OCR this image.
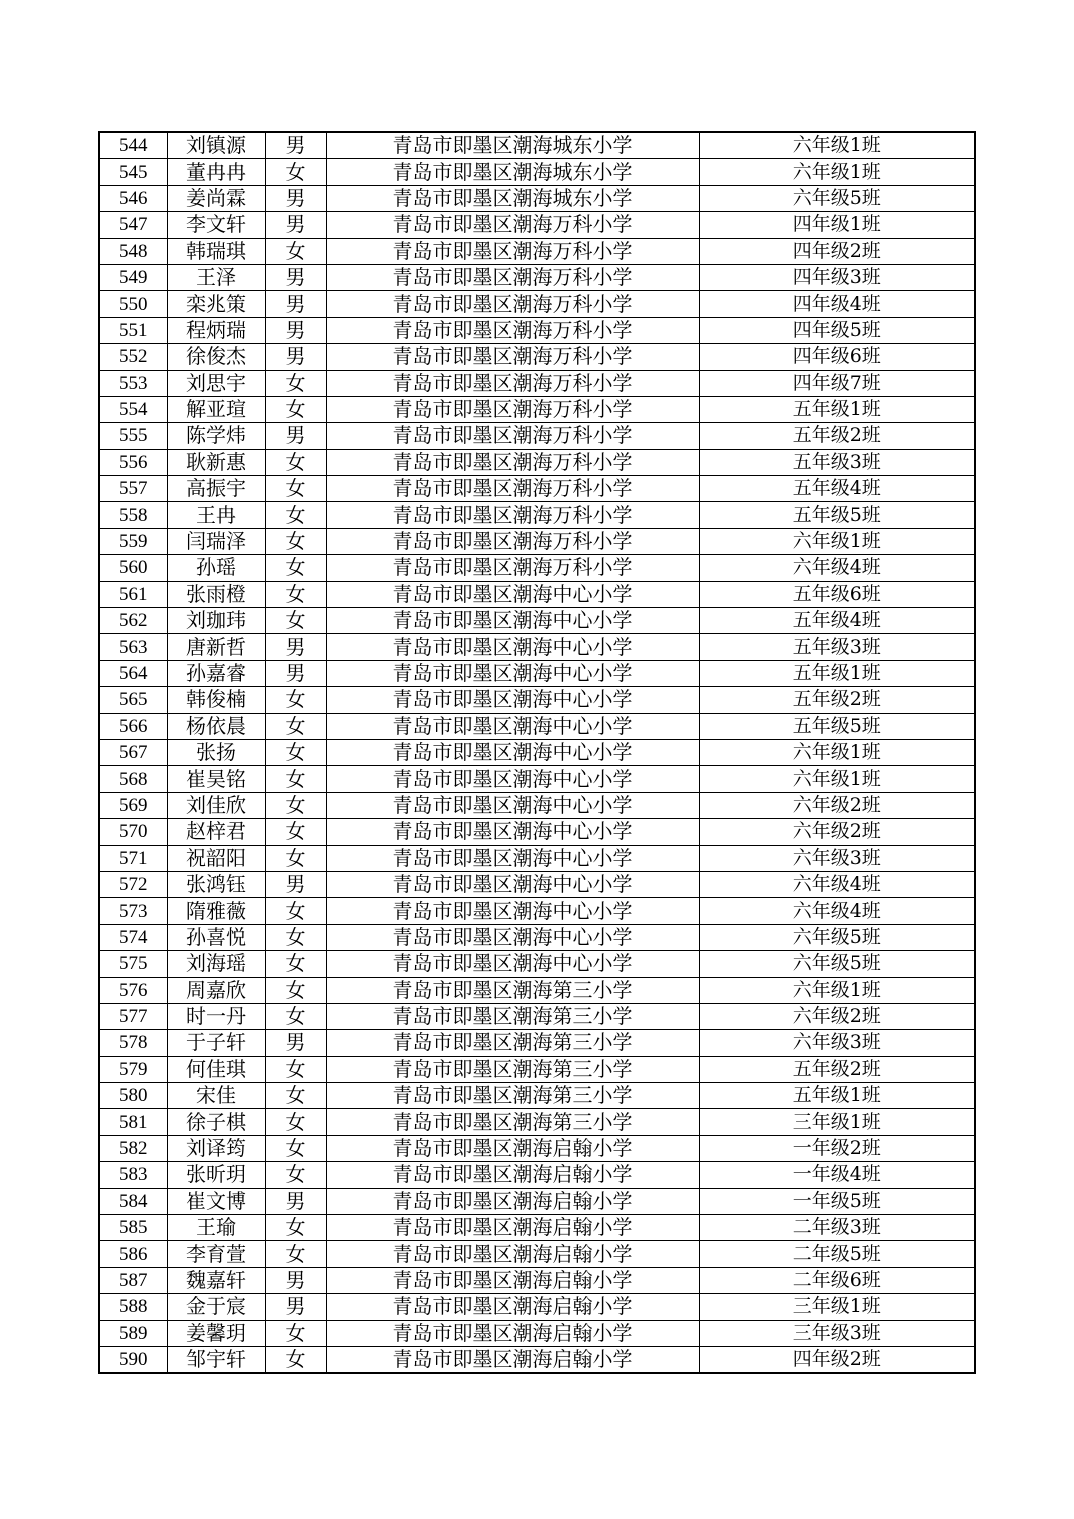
544	刘镇源	男	青岛市即墨区潮海城东小学	六年级1班
545	董冉冉	女	青岛市即墨区潮海城东小学	六年级1班
546	姜尚霖	男	青岛市即墨区潮海城东小学	六年级5班
547	李文轩	男	青岛市即墨区潮海万科小学	四年级1班
548	韩瑞琪	女	青岛市即墨区潮海万科小学	四年级2班
549	王泽	男	青岛市即墨区潮海万科小学	四年级3班
550	栾兆策	男	青岛市即墨区潮海万科小学	四年级4班
551	程炳瑞	男	青岛市即墨区潮海万科小学	四年级5班
552	徐俊杰	男	青岛市即墨区潮海万科小学	四年级6班
553	刘思宇	女	青岛市即墨区潮海万科小学	四年级7班
554	解亚瑄	女	青岛市即墨区潮海万科小学	五年级1班
555	陈学炜	男	青岛市即墨区潮海万科小学	五年级2班
556	耿新惠	女	青岛市即墨区潮海万科小学	五年级3班
557	高振宇	女	青岛市即墨区潮海万科小学	五年级4班
558	王冉	女	青岛市即墨区潮海万科小学	五年级5班
559	闫瑞泽	女	青岛市即墨区潮海万科小学	六年级1班
560	孙瑶	女	青岛市即墨区潮海万科小学	六年级4班
561	张雨橙	女	青岛市即墨区潮海中心小学	五年级6班
562	刘珈玮	女	青岛市即墨区潮海中心小学	五年级4班
563	唐新哲	男	青岛市即墨区潮海中心小学	五年级3班
564	孙嘉睿	男	青岛市即墨区潮海中心小学	五年级1班
565	韩俊楠	女	青岛市即墨区潮海中心小学	五年级2班
566	杨依晨	女	青岛市即墨区潮海中心小学	五年级5班
567	张扬	女	青岛市即墨区潮海中心小学	六年级1班
568	崔昊铭	女	青岛市即墨区潮海中心小学	六年级1班
569	刘佳欣	女	青岛市即墨区潮海中心小学	六年级2班
570	赵梓君	女	青岛市即墨区潮海中心小学	六年级2班
571	祝韶阳	女	青岛市即墨区潮海中心小学	六年级3班
572	张鸿钰	男	青岛市即墨区潮海中心小学	六年级4班
573	隋雅薇	女	青岛市即墨区潮海中心小学	六年级4班
574	孙喜悦	女	青岛市即墨区潮海中心小学	六年级5班
575	刘海瑶	女	青岛市即墨区潮海中心小学	六年级5班
576	周嘉欣	女	青岛市即墨区潮海第三小学	六年级1班
577	时一丹	女	青岛市即墨区潮海第三小学	六年级2班
578	于子轩	男	青岛市即墨区潮海第三小学	六年级3班
579	何佳琪	女	青岛市即墨区潮海第三小学	五年级2班
580	宋佳	女	青岛市即墨区潮海第三小学	五年级1班
581	徐子棋	女	青岛市即墨区潮海第三小学	三年级1班
582	刘译筠	女	青岛市即墨区潮海启翰小学	一年级2班
583	张昕玥	女	青岛市即墨区潮海启翰小学	一年级4班
584	崔文博	男	青岛市即墨区潮海启翰小学	一年级5班
585	王瑜	女	青岛市即墨区潮海启翰小学	二年级3班
586	李育萱	女	青岛市即墨区潮海启翰小学	二年级5班
587	魏嘉轩	男	青岛市即墨区潮海启翰小学	二年级6班
588	金于宸	男	青岛市即墨区潮海启翰小学	三年级1班
589	姜馨玥	女	青岛市即墨区潮海启翰小学	三年级3班
590	邹宇轩	女	青岛市即墨区潮海启翰小学	四年级2班
